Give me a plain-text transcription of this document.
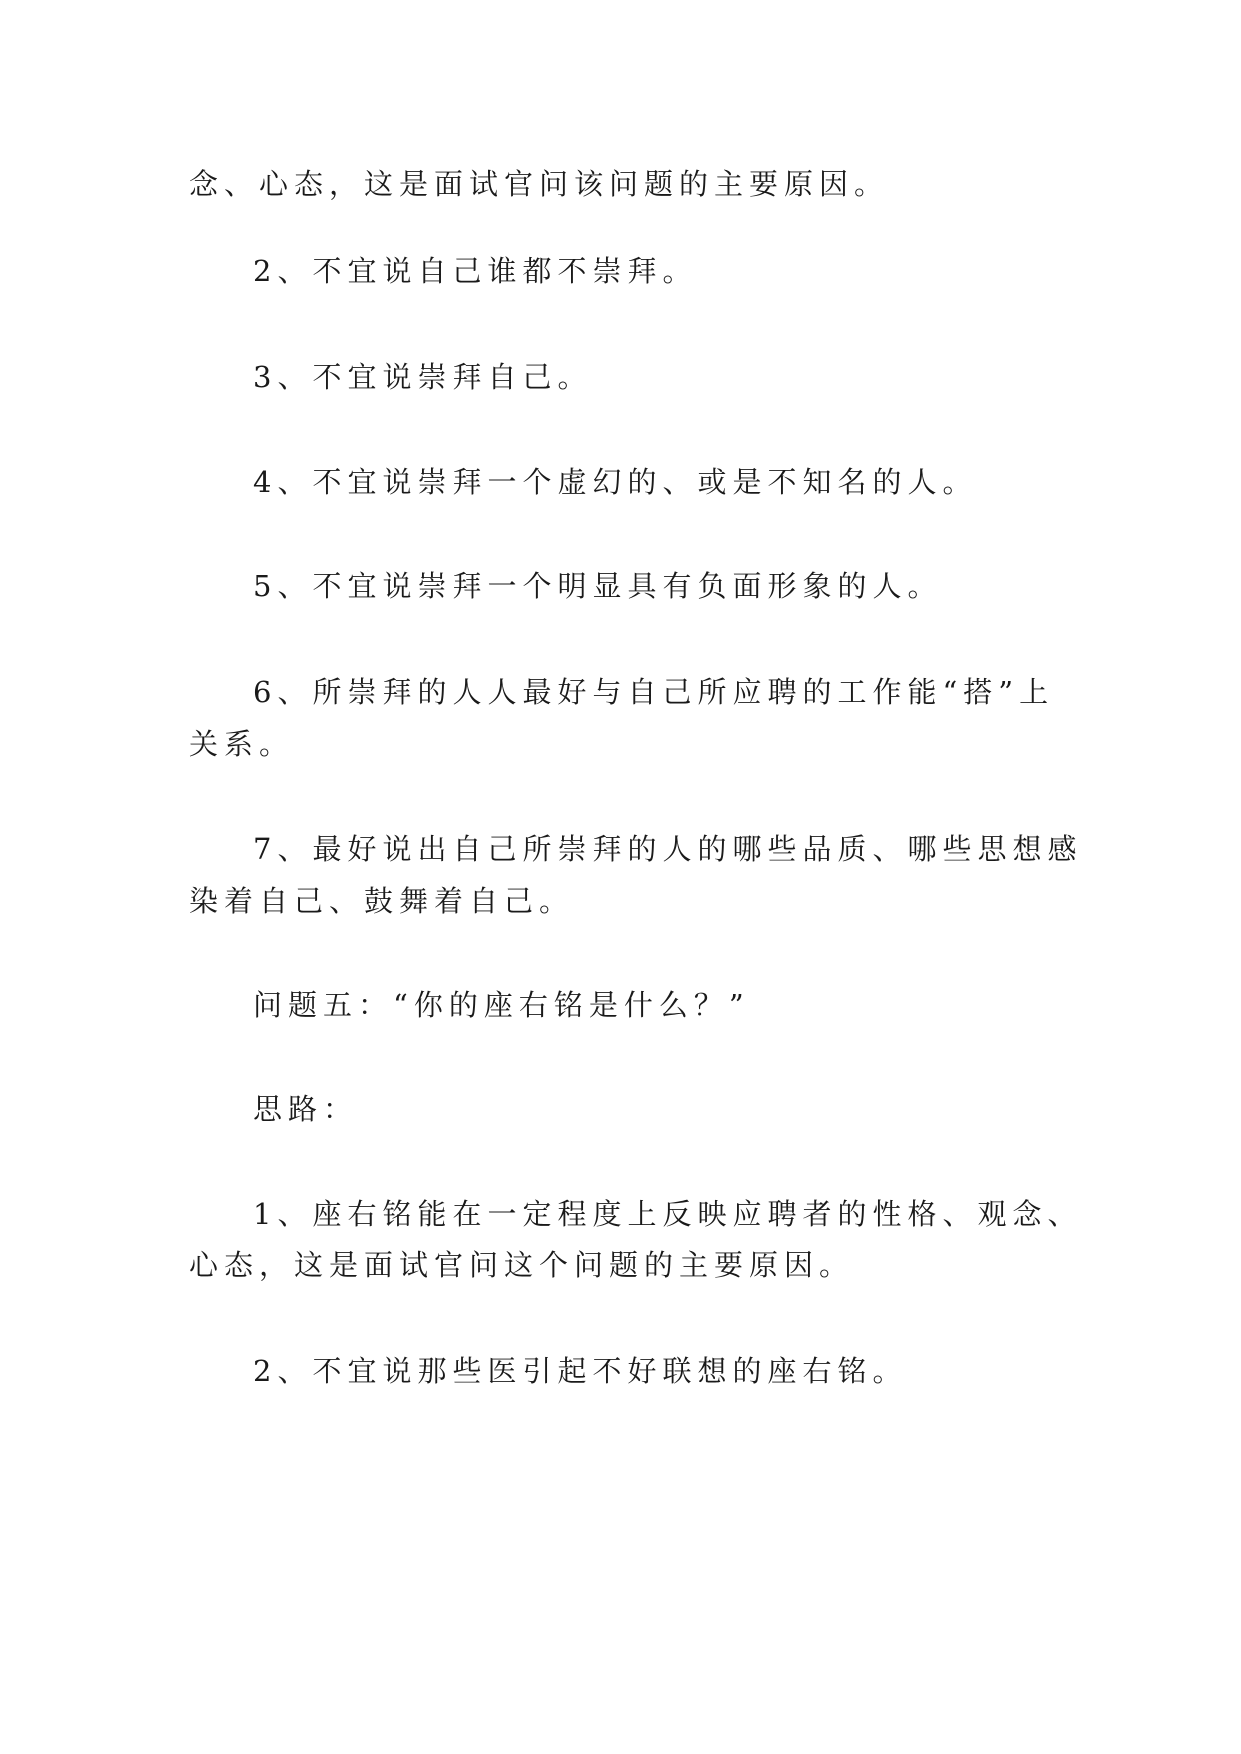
念、心态，这是面试官问该问题的主要原因。
2、不宜说自己谁都不崇拜。
3、不宜说崇拜自己。
4、不宜说崇拜一个虚幻的、或是不知名的人。
5、不宜说崇拜一个明显具有负面形象的人。
6、所崇拜的人人最好与自己所应聘的工作能“搭”上
关系。
7、最好说出自己所崇拜的人的哪些品质、哪些思想感
染着自己、鼓舞着自己。
问题五：“你的座右铭是什么？”
思路：
1、座右铭能在一定程度上反映应聘者的性格、观念、
心态，这是面试官问这个问题的主要原因。
2、不宜说那些医引起不好联想的座右铭。
